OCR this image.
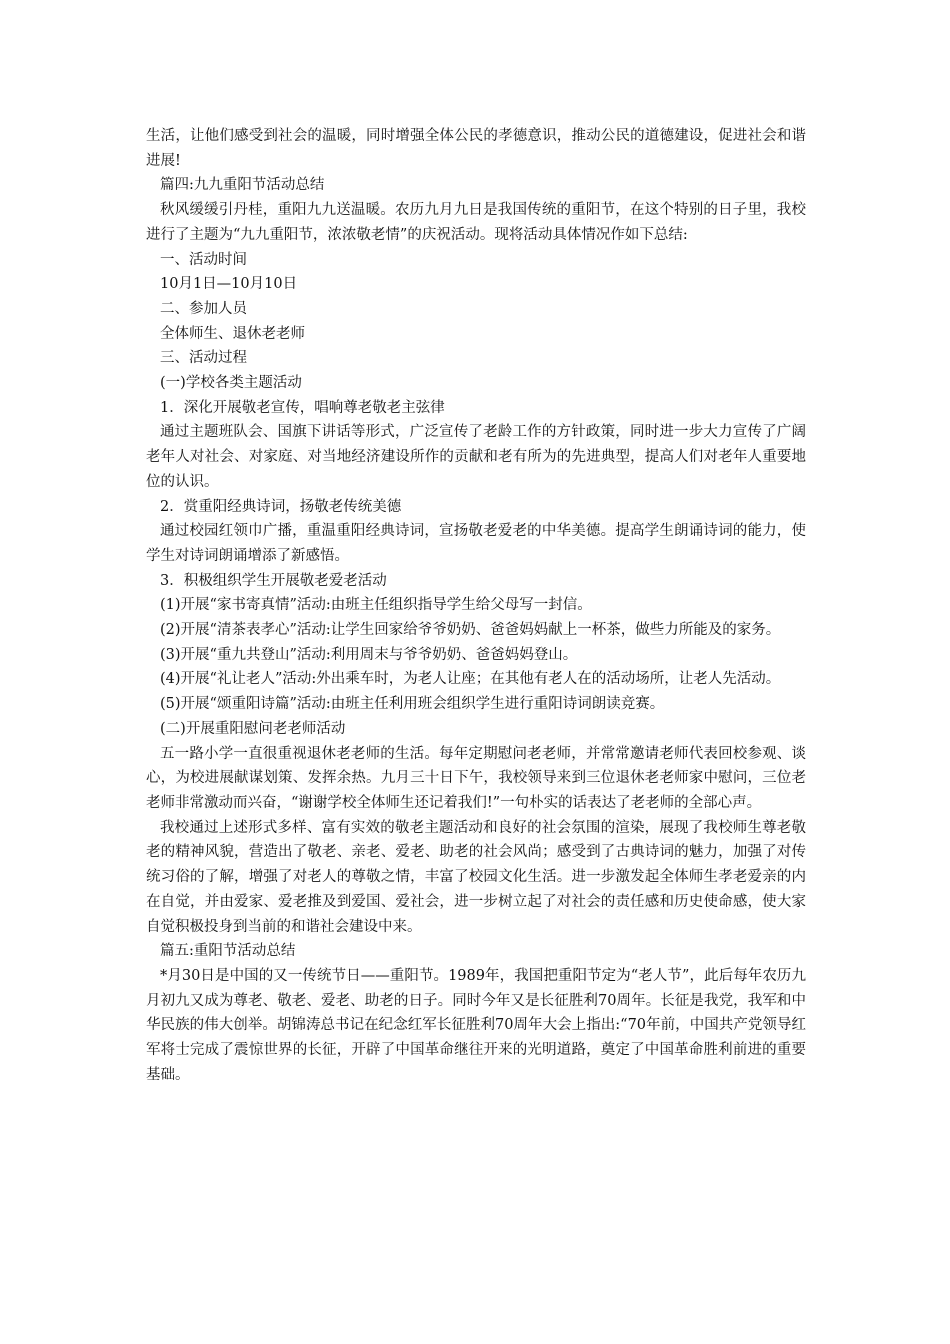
生活，让他们感受到社会的温暖，同时增强全体公民的孝德意识，推动公民的道德建设，促进社会和谐进展!

篇四:九九重阳节活动总结

秋风缓缓引丹桂，重阳九九送温暖。农历九月九日是我国传统的重阳节，在这个特别的日子里，我校进行了主题为“九九重阳节，浓浓敬老情”的庆祝活动。现将活动具体情况作如下总结:

一、活动时间

10月1日—10月10日

二、参加人员

全体师生、退休老老师

三、活动过程

(一)学校各类主题活动

1．深化开展敬老宣传，唱响尊老敬老主弦律

通过主题班队会、国旗下讲话等形式，广泛宣传了老龄工作的方针政策，同时进一步大力宣传了广阔老年人对社会、对家庭、对当地经济建设所作的贡献和老有所为的先进典型，提高人们对老年人重要地位的认识。

2．赏重阳经典诗词，扬敬老传统美德

通过校园红领巾广播，重温重阳经典诗词，宣扬敬老爱老的中华美德。提高学生朗诵诗词的能力，使学生对诗词朗诵增添了新感悟。

3．积极组织学生开展敬老爱老活动

(1)开展“家书寄真情”活动:由班主任组织指导学生给父母写一封信。

(2)开展“清茶表孝心”活动:让学生回家给爷爷奶奶、爸爸妈妈献上一杯茶，做些力所能及的家务。

(3)开展“重九共登山”活动:利用周末与爷爷奶奶、爸爸妈妈登山。

(4)开展“礼让老人”活动:外出乘车时，为老人让座；在其他有老人在的活动场所，让老人先活动。

(5)开展“颂重阳诗篇”活动:由班主任利用班会组织学生进行重阳诗词朗读竞赛。

(二)开展重阳慰问老老师活动

五一路小学一直很重视退休老老师的生活。每年定期慰问老老师，并常常邀请老师代表回校参观、谈心，为校进展献谋划策、发挥余热。九月三十日下午，我校领导来到三位退休老老师家中慰问，三位老老师非常激动而兴奋，“谢谢学校全体师生还记着我们!”一句朴实的话表达了老老师的全部心声。

我校通过上述形式多样、富有实效的敬老主题活动和良好的社会氛围的渲染，展现了我校师生尊老敬老的精神风貌，营造出了敬老、亲老、爱老、助老的社会风尚；感受到了古典诗词的魅力，加强了对传统习俗的了解，增强了对老人的尊敬之情，丰富了校园文化生活。进一步激发起全体师生孝老爱亲的内在自觉，并由爱家、爱老推及到爱国、爱社会，进一步树立起了对社会的责任感和历史使命感，使大家自觉积极投身到当前的和谐社会建设中来。

篇五:重阳节活动总结

*月30日是中国的又一传统节日——重阳节。1989年，我国把重阳节定为“老人节”，此后每年农历九月初九又成为尊老、敬老、爱老、助老的日子。同时今年又是长征胜利70周年。长征是我党，我军和中华民族的伟大创举。胡锦涛总书记在纪念红军长征胜利70周年大会上指出:“70年前，中国共产党领导红军将士完成了震惊世界的长征，开辟了中国革命继往开来的光明道路，奠定了中国革命胜利前进的重要基础。
